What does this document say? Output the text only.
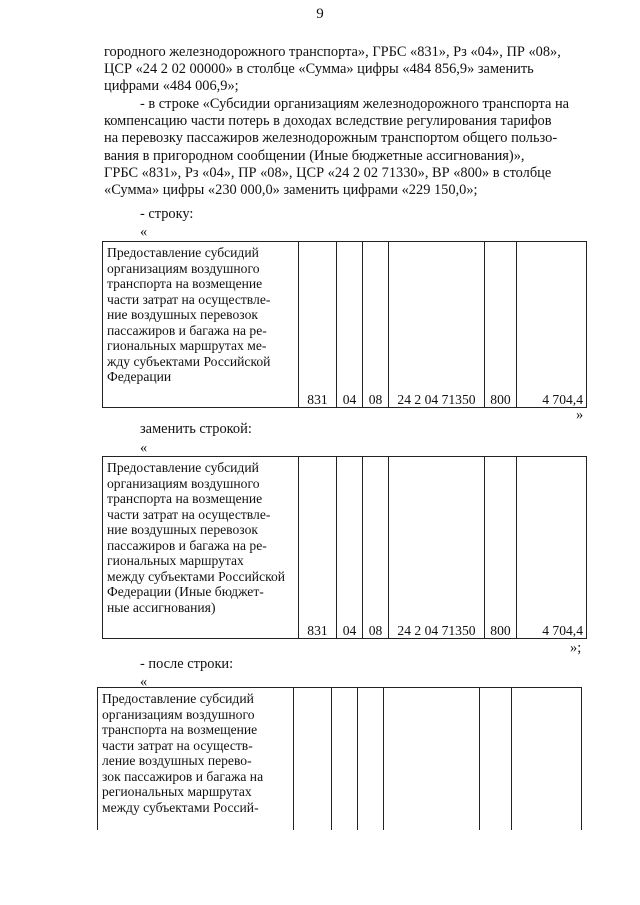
9

городного железнодорожного транспорта», ГРБС «831», Рз «04», ПР «08»,
ЦСР «24 2 02 00000» в столбце «Сумма» цифры «484 856,9» заменить
цифрами «484 006,9»;

- в строке «Субсидии организациям железнодорожного транспорта на
компенсацию части потерь в доходах вследствие регулирования тарифов
на перевозку пассажиров железнодорожным транспортом общего пользо-
вания в пригородном сообщении (Иные бюджетные ассигнования)»,
ГРБС «831», Рз «04», ПР «08», ЦСР «24 2 02 71330», ВР «800» в столбце
«Сумма» цифры «230 000,0» заменить цифрами «229 150,0»;

- строку:
«
Предоставление субсидий
организациям воздушного
транспорта на возмещение
части затрат на осуществле-
ние воздушных перевозок
пассажиров и багажа на ре-
гиональных маршрутах ме-
жду субъектами Российской
Федерации
	831	04	08	24 2 04 71350	800	4 704,4
»
заменить строкой:
«
Предоставление субсидий
организациям воздушного
транспорта на возмещение
части затрат на осуществле-
ние воздушных перевозок
пассажиров и багажа на ре-
гиональных маршрутах
между субъектами Российской
Федерации (Иные бюджет-
ные ассигнования)
	831	04	08	24 2 04 71350	800	4 704,4
»;
- после строки:
«
Предоставление субсидий
организациям воздушного
транспорта на возмещение
части затрат на осуществ-
ление воздушных перево-
зок пассажиров и багажа на
региональных маршрутах
между субъектами Россий-
